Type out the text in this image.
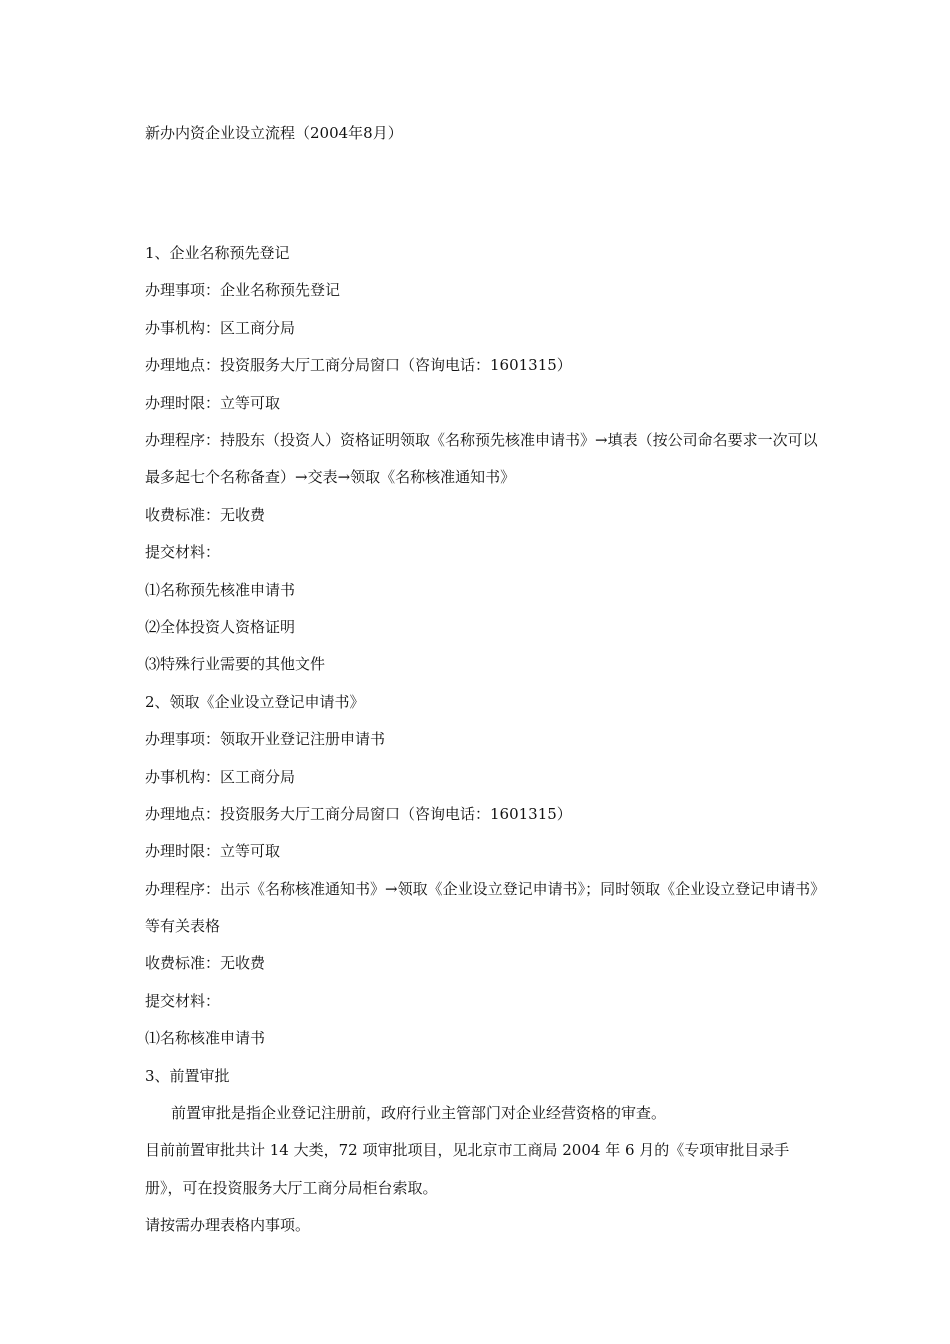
新办内资企业设立流程（2004年8月）
1、企业名称预先登记
办理事项：企业名称预先登记
办事机构：区工商分局
办理地点：投资服务大厅工商分局窗口（咨询电话：1601315）
办理时限：立等可取
办理程序：持股东（投资人）资格证明领取《名称预先核准申请书》→填表（按公司命名要求一次可以最多起七个名称备查）→交表→领取《名称核准通知书》
收费标准：无收费
提交材料：
⑴名称预先核准申请书
⑵全体投资人资格证明
⑶特殊行业需要的其他文件
2、领取《企业设立登记申请书》
办理事项：领取开业登记注册申请书
办事机构：区工商分局
办理地点：投资服务大厅工商分局窗口（咨询电话：1601315）
办理时限：立等可取
办理程序：出示《名称核准通知书》→领取《企业设立登记申请书》；同时领取《企业设立登记申请书》等有关表格
收费标准：无收费
提交材料：
⑴名称核准申请书
3、前置审批
前置审批是指企业登记注册前，政府行业主管部门对企业经营资格的审查。
目前前置审批共计 14 大类，72 项审批项目，见北京市工商局 2004 年 6 月的《专项审批目录手册》，可在投资服务大厅工商分局柜台索取。
请按需办理表格内事项。
